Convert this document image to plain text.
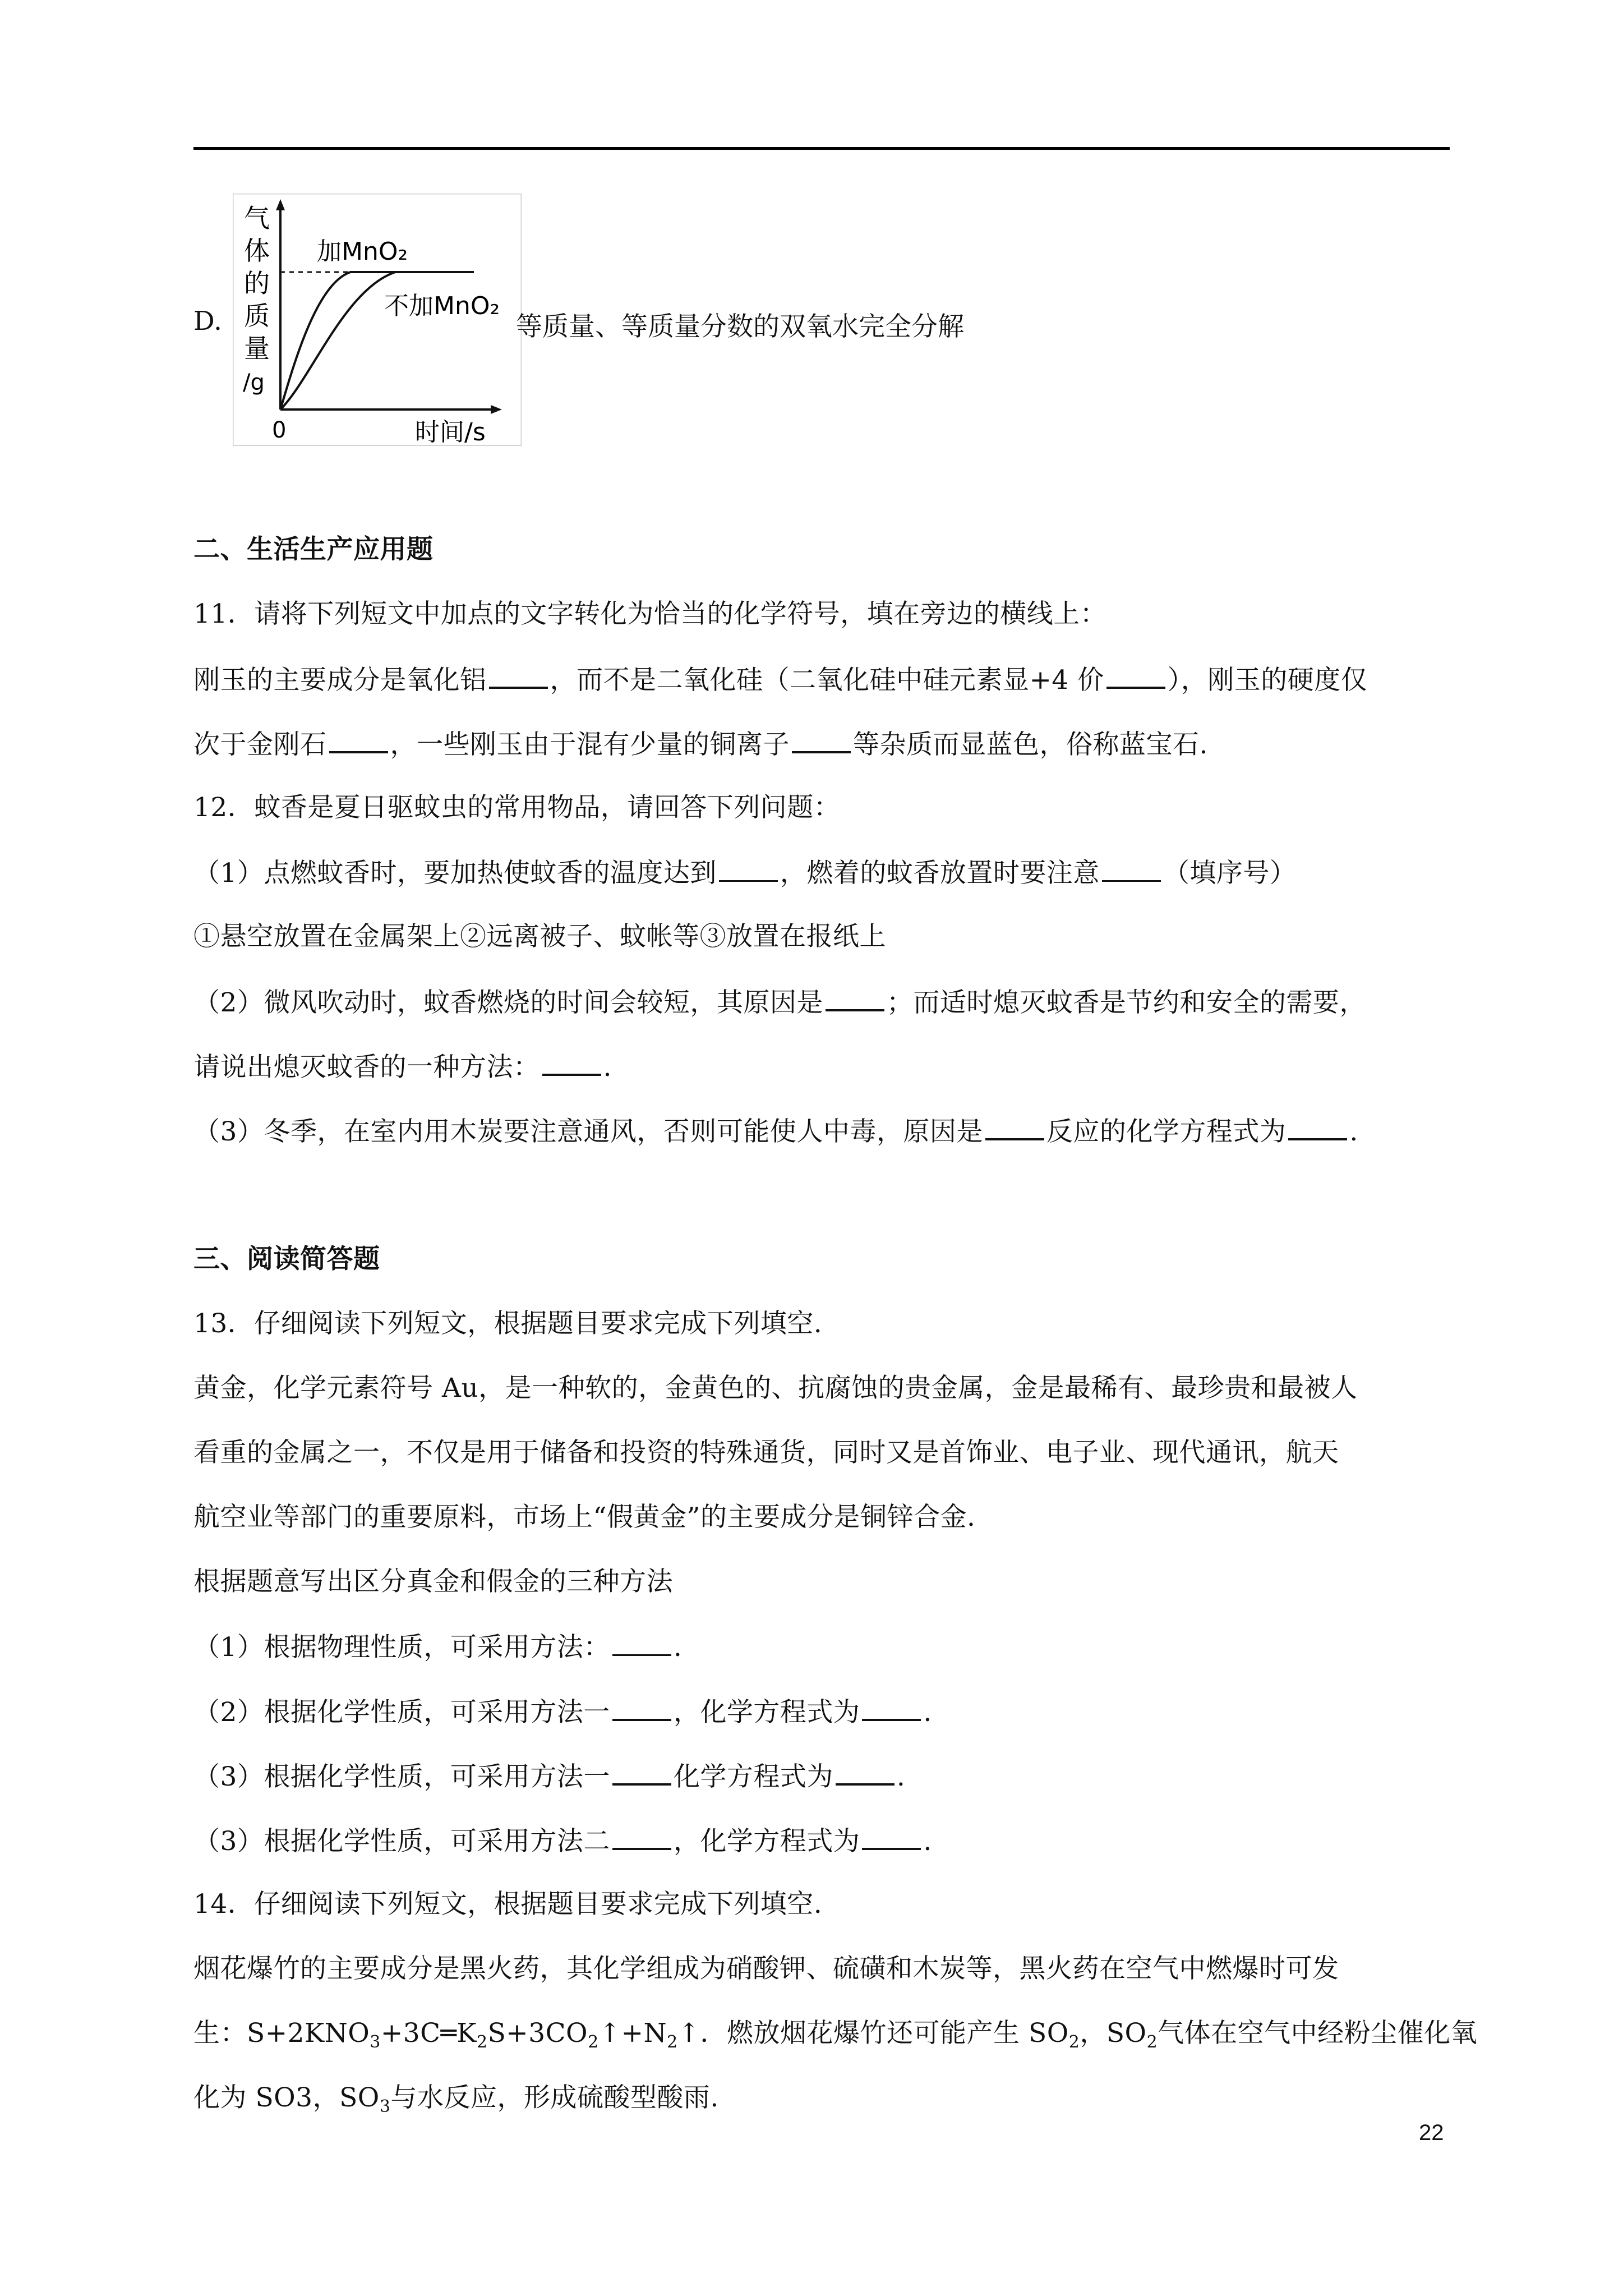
D.
气
体
的
质
量
/g
0	时间/s
加MnO₂
不加MnO₂
等质量、等质量分数的双氧水完全分解
二、生活生产应用题
11．请将下列短文中加点的文字转化为恰当的化学符号，填在旁边的横线上：
刚玉的主要成分是氧化铝 ，而不是二氧化硅（二氧化硅中硅元素显+4 价 ），刚玉的硬度仅
次于金刚石 ，一些刚玉由于混有少量的铜离子 等杂质而显蓝色，俗称蓝宝石.
12．蚊香是夏日驱蚊虫的常用物品，请回答下列问题：
（1）点燃蚊香时，要加热使蚊香的温度达到 ，燃着的蚊香放置时要注意 （填序号）
①悬空放置在金属架上②远离被子、蚊帐等③放置在报纸上
（2）微风吹动时，蚊香燃烧的时间会较短，其原因是 ；而适时熄灭蚊香是节约和安全的需要，
请说出熄灭蚊香的一种方法： .
（3）冬季，在室内用木炭要注意通风，否则可能使人中毒，原因是 反应的化学方程式为 .
三、阅读简答题
13．仔细阅读下列短文，根据题目要求完成下列填空.
黄金，化学元素符号 Au，是一种软的，金黄色的、抗腐蚀的贵金属，金是最稀有、最珍贵和最被人
看重的金属之一，不仅是用于储备和投资的特殊通货，同时又是首饰业、电子业、现代通讯，航天
航空业等部门的重要原料，市场上“假黄金”的主要成分是铜锌合金.
根据题意写出区分真金和假金的三种方法
（1）根据物理性质，可采用方法： .
（2）根据化学性质，可采用方法一 ，化学方程式为 .
（3）根据化学性质，可采用方法一 化学方程式为 .
（3）根据化学性质，可采用方法二 ，化学方程式为 .
14．仔细阅读下列短文，根据题目要求完成下列填空.
烟花爆竹的主要成分是黑火药，其化学组成为硝酸钾、硫磺和木炭等，黑火药在空气中燃爆时可发
生：$S+2KNO_3+3C═K_2S+3CO_2↑+N_2↑$．燃放烟花爆竹还可能产生 $SO_2$，$SO_2$气体在空气中经粉尘催化氧
化为 SO3，$SO_3$与水反应，形成硫酸型酸雨.
22
